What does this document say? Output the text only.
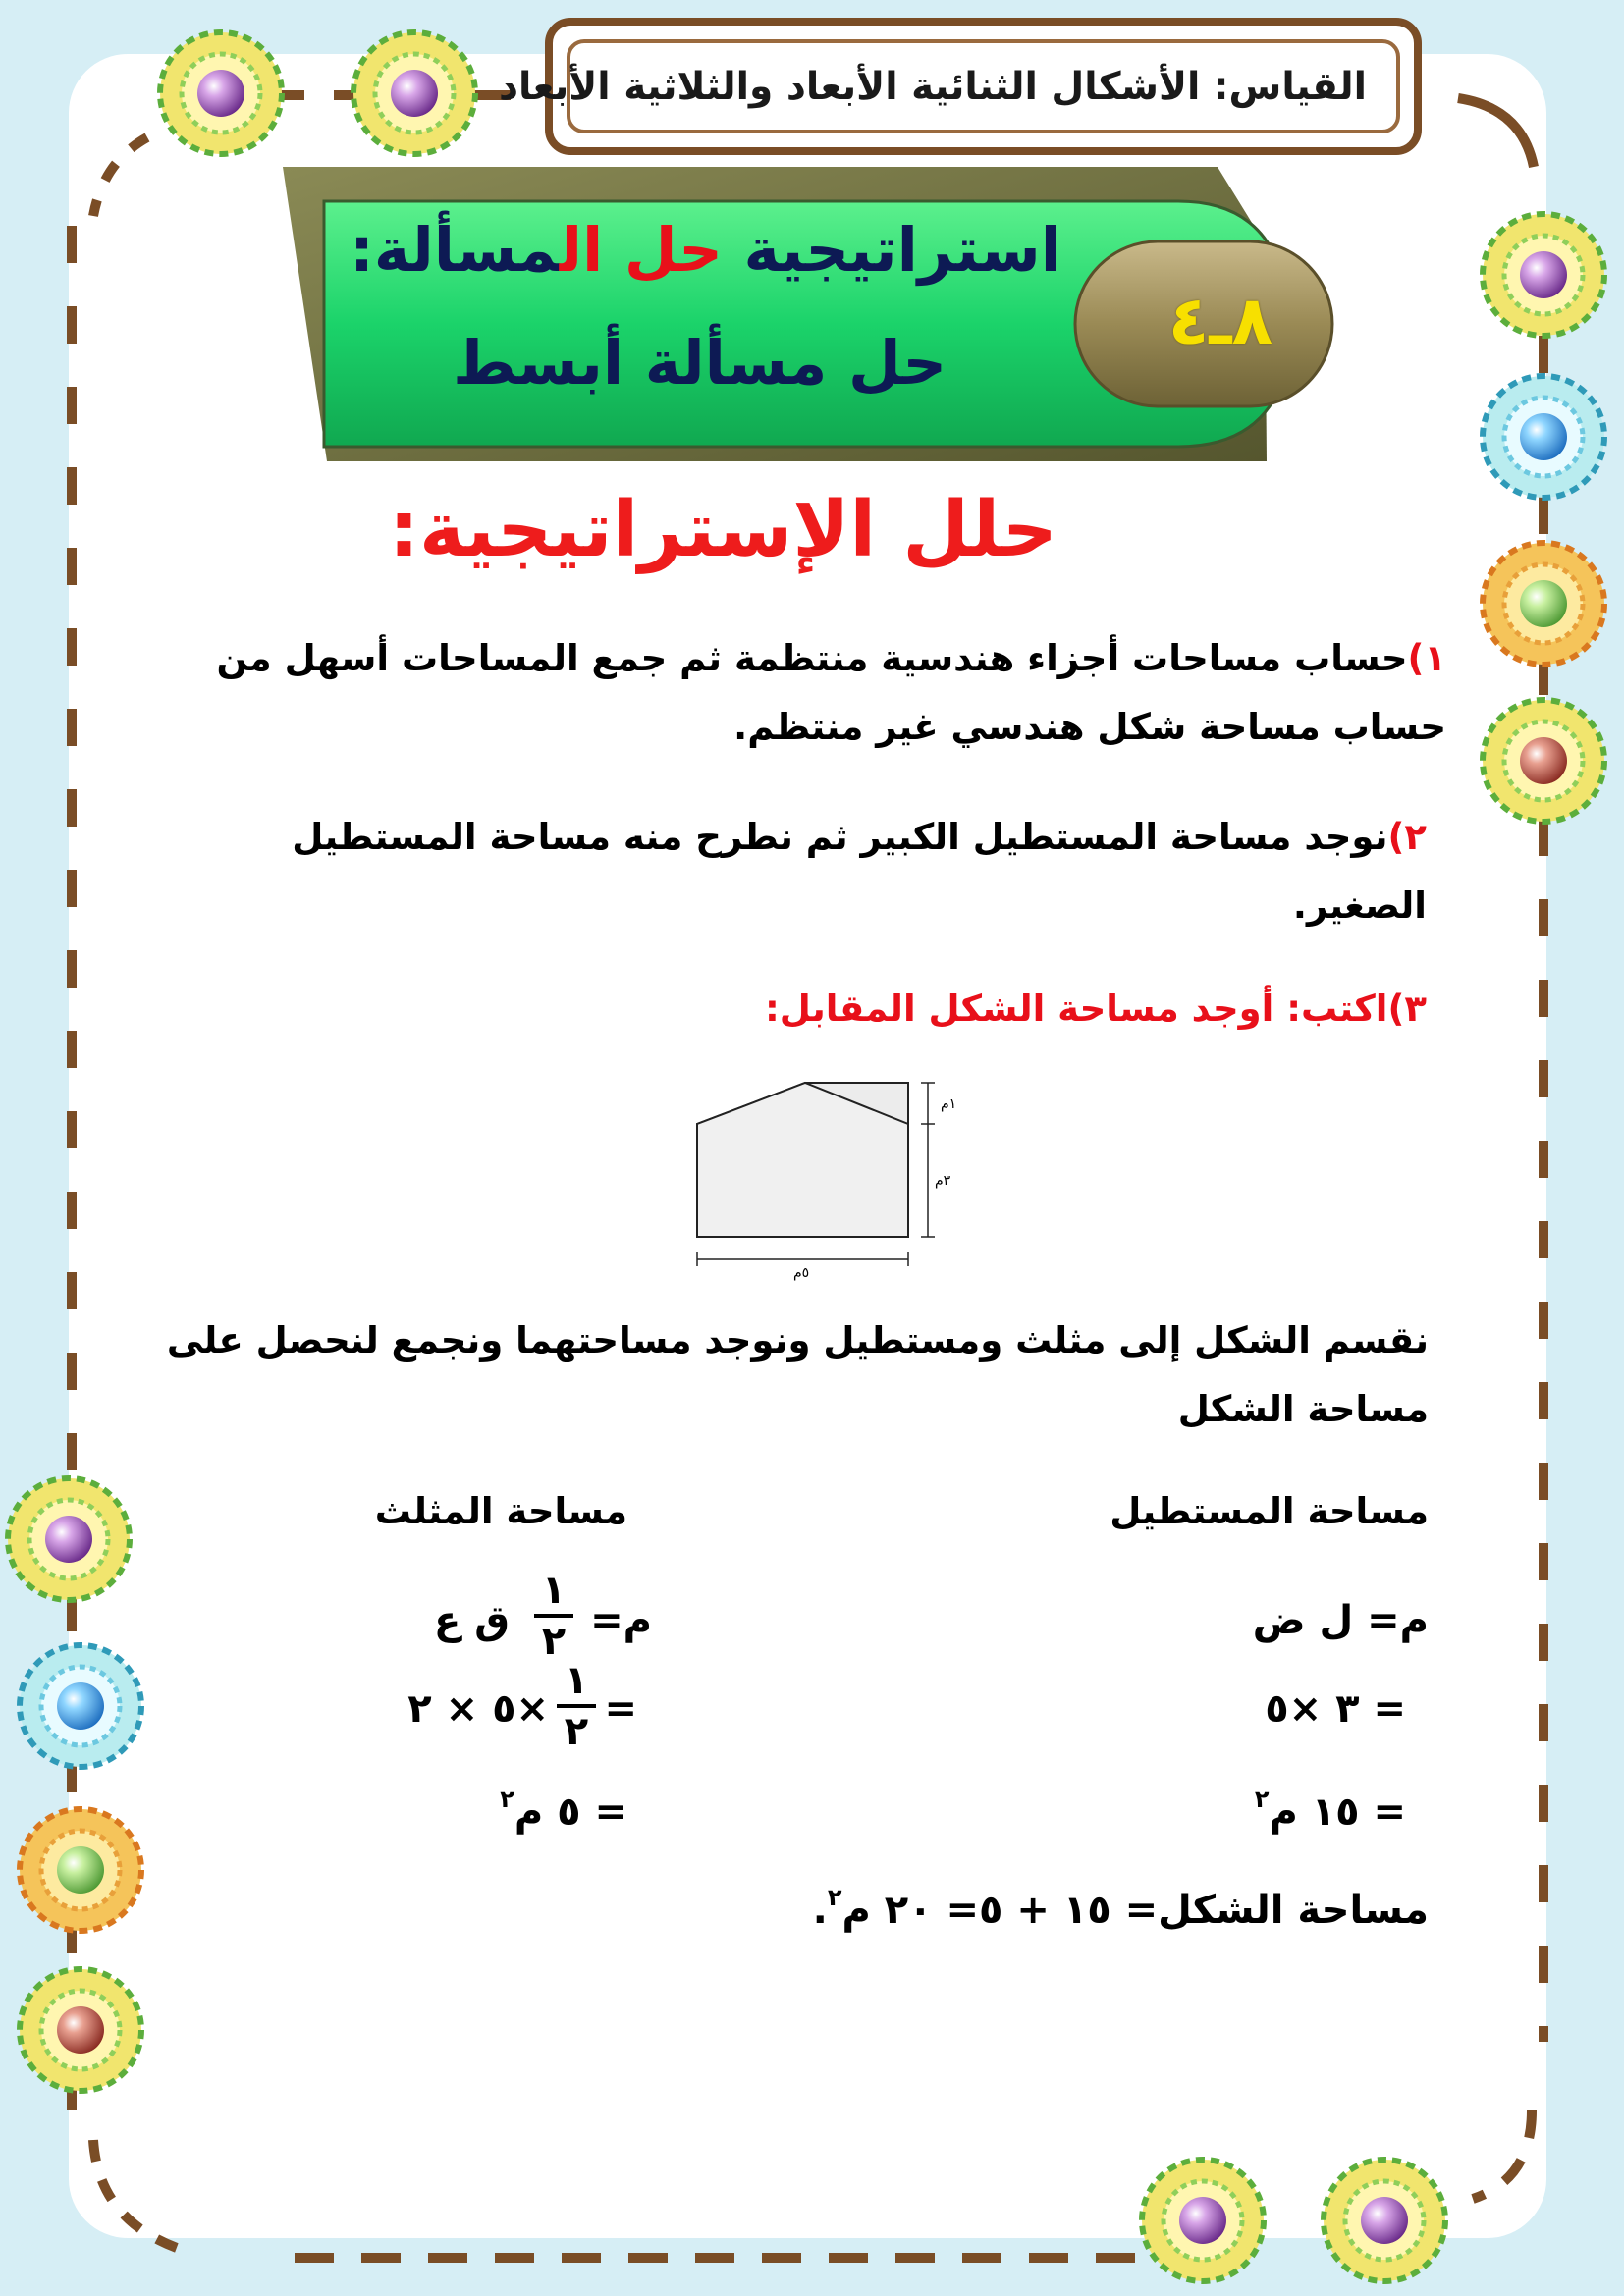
القياس: الأشكال الثنائية الأبعاد والثلاثية الأبعاد
استراتيجية حل المسألة:
حل مسألة أبسط
٨ـ٤
حلل الإستراتيجية:
١)حساب مساحات أجزاء هندسية منتظمة ثم جمع المساحات أسهل من حساب مساحة شكل هندسي غير منتظم.
٢)نوجد مساحة المستطيل الكبير ثم نطرح منه مساحة المستطيل الصغير.
٣)اكتب: أوجد مساحة الشكل المقابل:
١م
٣م
٥م
نقسم الشكل إلى مثلث ومستطيل ونوجد مساحتهما ونجمع لنحصل على مساحة الشكل
مساحة المستطيل
م= ل ض
= ٣ ×٥
= ١٥ م$^٢$
مساحة المثلث
م=
١
٢
ق ع
=
١
٢
×٥ × ٢
= ٥ م$^٢$
مساحة الشكل= ١٥ + ٥= ٢٠ م$^٢$.
